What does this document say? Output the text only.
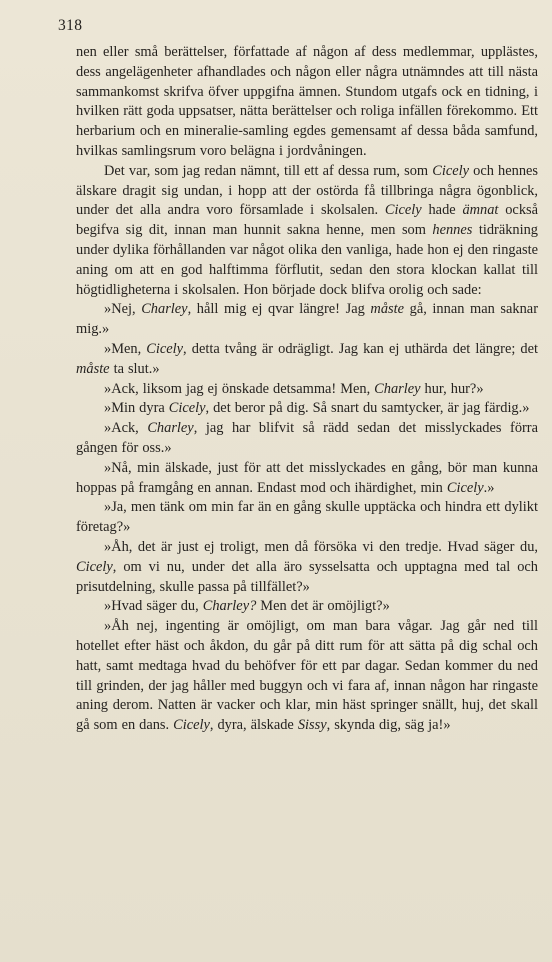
318

nen eller små berättelser, författade af någon af dess medlemmar, upplästes, dess angelägenheter afhandlades och någon eller några utnämndes att till nästa sammankomst skrifva öfver uppgifna ämnen. Stundom utgafs ock en tidning, i hvilken rätt goda uppsatser, nätta berättelser och roliga infällen förekommo. Ett herbarium och en mineralie-samling egdes gemensamt af dessa båda samfund, hvilkas samlingsrum voro belägna i jordvåningen.

Det var, som jag redan nämnt, till ett af dessa rum, som Cicely och hennes älskare dragit sig undan, i hopp att der ostörda få tillbringa några ögonblick, under det alla andra voro församlade i skolsalen. Cicely hade ämnat också begifva sig dit, innan man hunnit sakna henne, men som hennes tidräkning under dylika förhållanden var något olika den vanliga, hade hon ej den ringaste aning om att en god halftimma förflutit, sedan den stora klockan kallat till högtidligheterna i skolsalen. Hon började dock blifva orolig och sade:

»Nej, Charley, håll mig ej qvar längre! Jag måste gå, innan man saknar mig.»

»Men, Cicely, detta tvång är odrägligt. Jag kan ej uthärda det längre; det måste ta slut.»

»Ack, liksom jag ej önskade detsamma! Men, Charley hur, hur?»

»Min dyra Cicely, det beror på dig. Så snart du samtycker, är jag färdig.»

»Ack, Charley, jag har blifvit så rädd sedan det misslyckades förra gången för oss.»

»Nå, min älskade, just för att det misslyckades en gång, bör man kunna hoppas på framgång en annan. Endast mod och ihärdighet, min Cicely.»

»Ja, men tänk om min far än en gång skulle upptäcka och hindra ett dylikt företag?»

»Åh, det är just ej troligt, men då försöka vi den tredje. Hvad säger du, Cicely, om vi nu, under det alla äro sysselsatta och upptagna med tal och prisutdelning, skulle passa på tillfället?»

»Hvad säger du, Charley? Men det är omöjligt?»

»Åh nej, ingenting är omöjligt, om man bara vågar. Jag går ned till hotellet efter häst och åkdon, du går på ditt rum för att sätta på dig schal och hatt, samt medtaga hvad du behöfver för ett par dagar. Sedan kommer du ned till grinden, der jag håller med buggyn och vi fara af, innan någon har ringaste aning derom. Natten är vacker och klar, min häst springer snällt, huj, det skall gå som en dans. Cicely, dyra, älskade Sissy, skynda dig, säg ja!»
